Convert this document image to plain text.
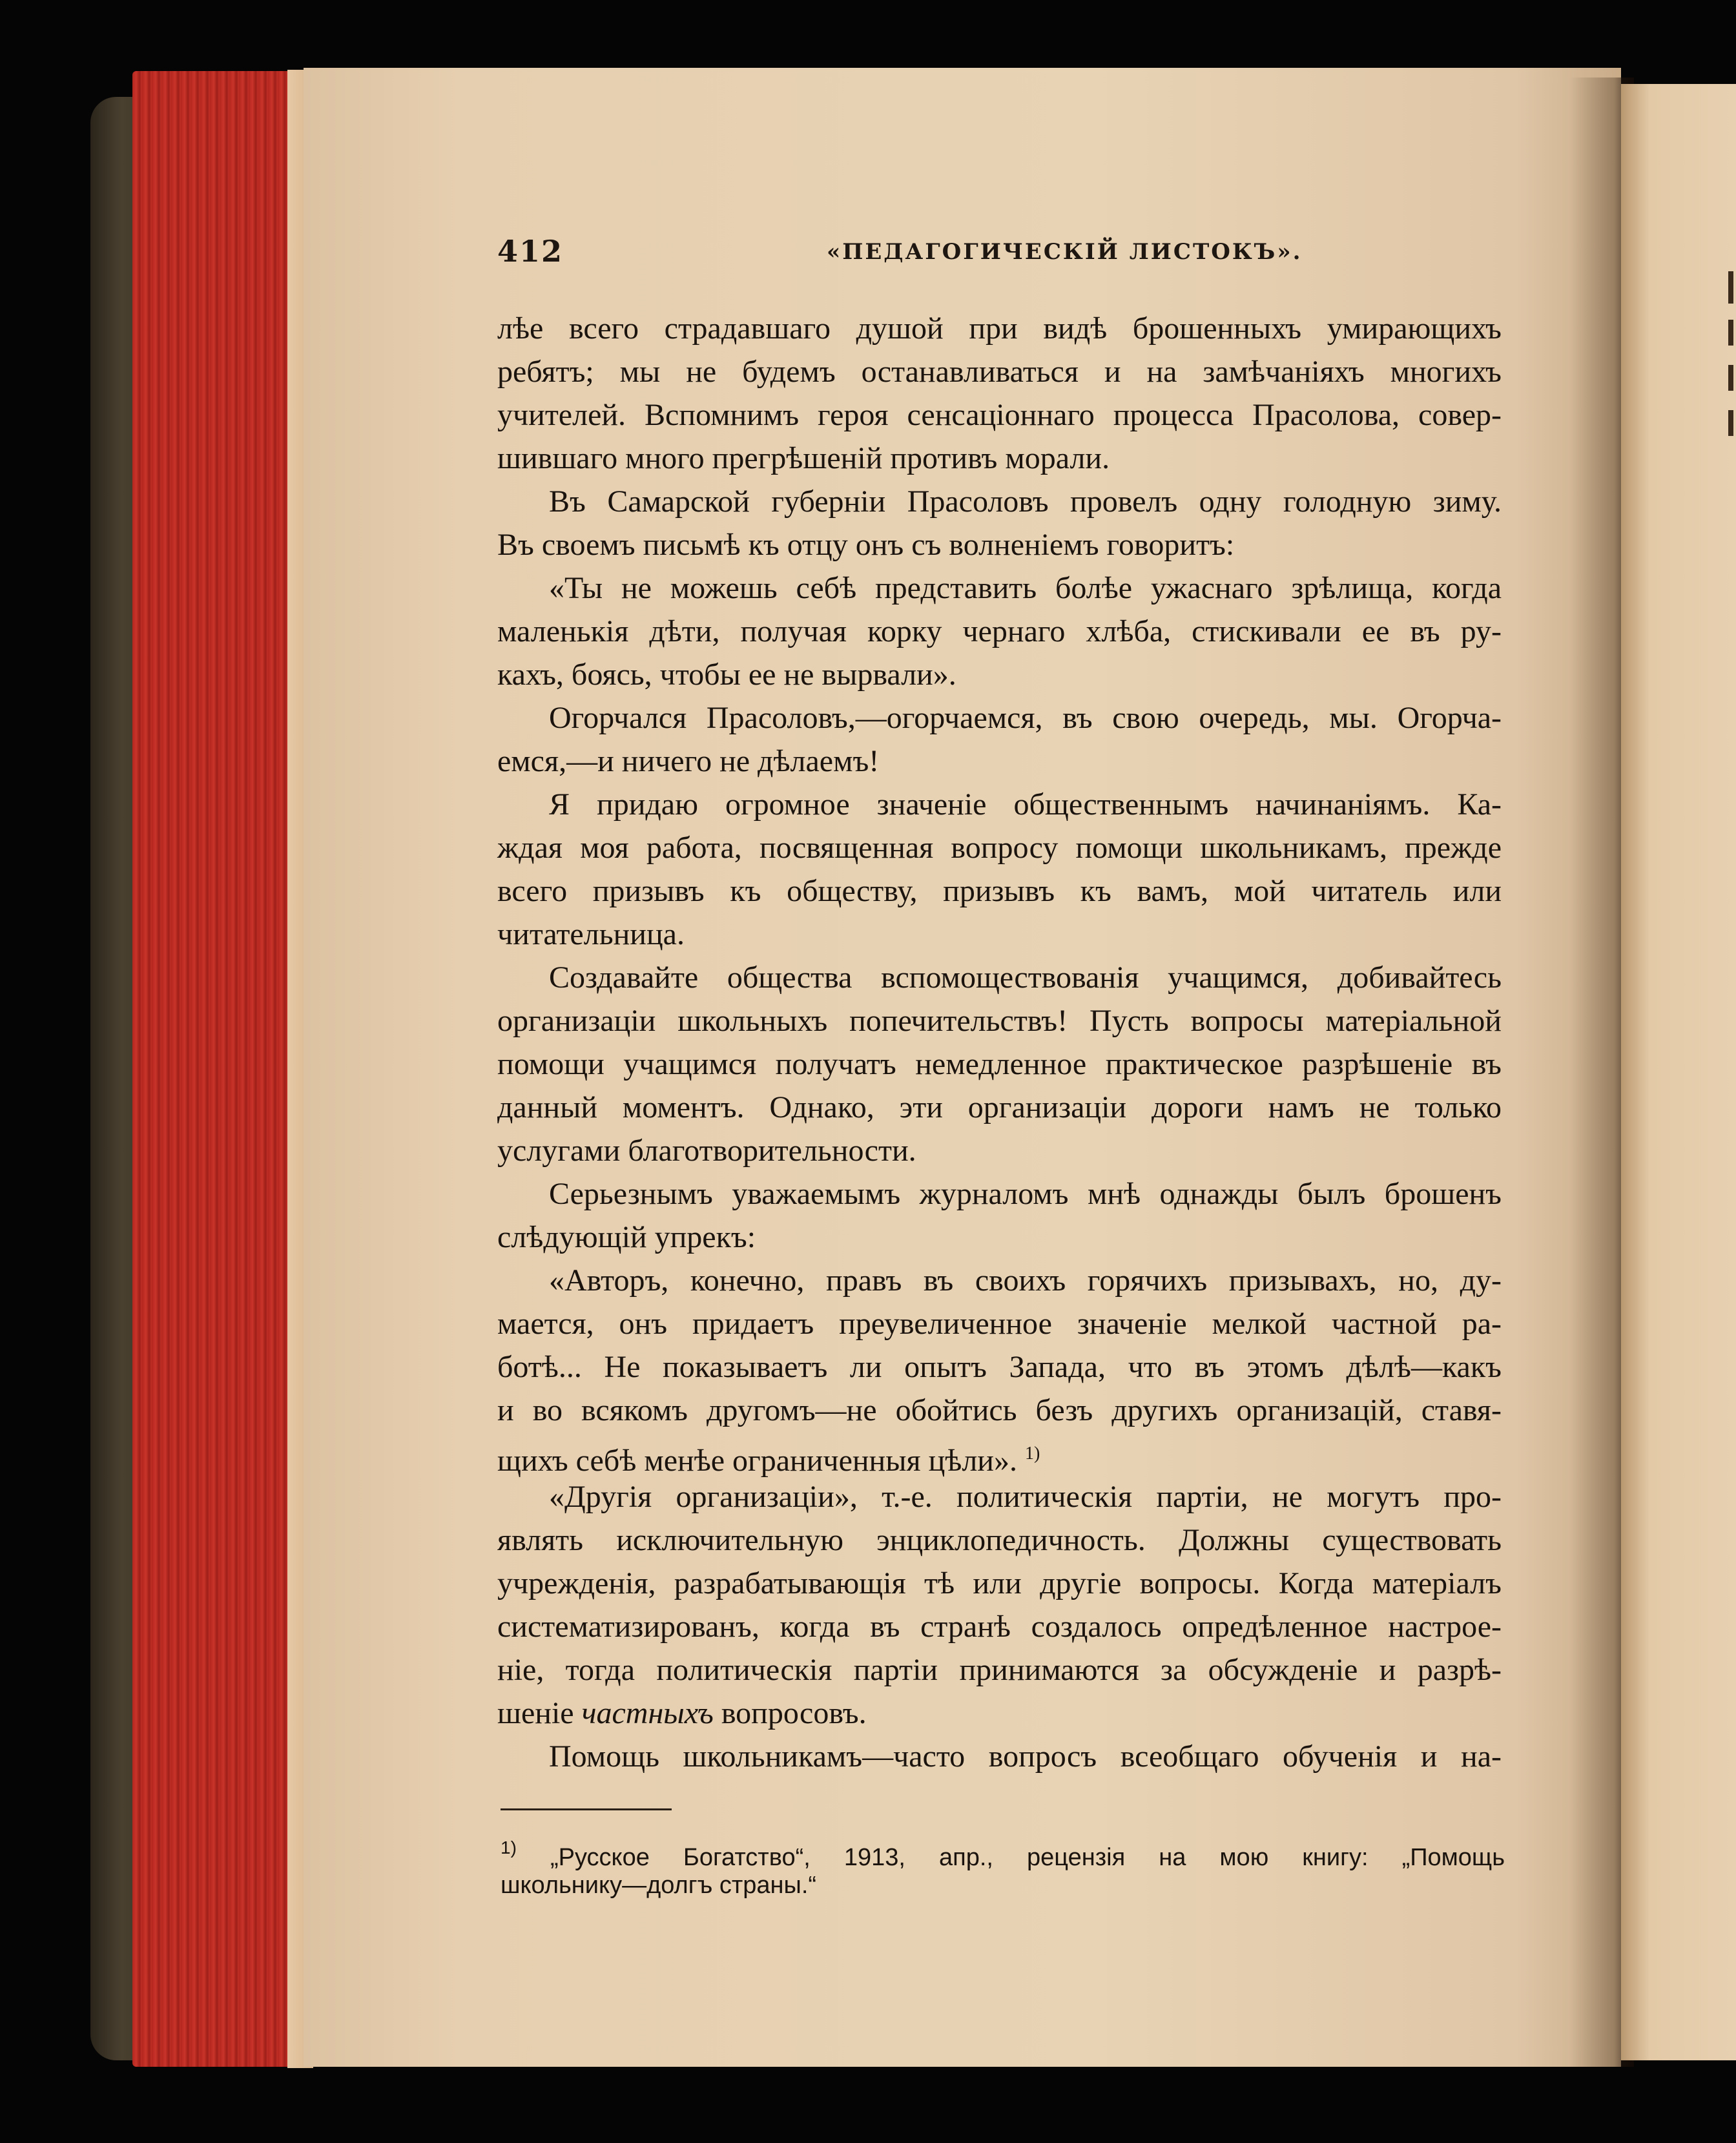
412	«ПЕДАГОГИЧЕСКІЙ ЛИСТОКЪ».
лѣе всего страдавшаго душой при видѣ брошенныхъ умирающихъ
ребятъ; мы не будемъ останавливаться и на замѣчаніяхъ многихъ
учителей. Вспомнимъ героя сенсаціоннаго процесса Прасолова, совер-
шившаго много прегрѣшеній противъ морали.
Въ Самарской губерніи Прасоловъ провелъ одну голодную зиму.
Въ своемъ письмѣ къ отцу онъ съ волненіемъ говоритъ:
«Ты не можешь себѣ представить болѣе ужаснаго зрѣлища, когда
маленькія дѣти, получая корку чернаго хлѣба, стискивали ее въ ру-
кахъ, боясь, чтобы ее не вырвали».
Огорчался Прасоловъ,—огорчаемся, въ свою очередь, мы. Огорча-
емся,—и ничего не дѣлаемъ!
Я придаю огромное значеніе общественнымъ начинаніямъ. Ка-
ждая моя работа, посвященная вопросу помощи школьникамъ, прежде
всего призывъ къ обществу, призывъ къ вамъ, мой читатель или
читательница.
Создавайте общества вспомоществованія учащимся, добивайтесь
организаціи школьныхъ попечительствъ! Пусть вопросы матеріальной
помощи учащимся получатъ немедленное практическое разрѣшеніе въ
данный моментъ. Однако, эти организаціи дороги намъ не только
услугами благотворительности.
Серьезнымъ уважаемымъ журналомъ мнѣ однажды былъ брошенъ
слѣдующій упрекъ:
«Авторъ, конечно, правъ въ своихъ горячихъ призывахъ, но, ду-
мается, онъ придаетъ преувеличенное значеніе мелкой частной ра-
ботѣ... Не показываетъ ли опытъ Запада, что въ этомъ дѣлѣ—какъ
и во всякомъ другомъ—не обойтись безъ другихъ организацій, ставя-
щихъ себѣ менѣе ограниченныя цѣли». $^{1)}$
«Другія организаціи», т.-е. политическія партіи, не могутъ про-
являть исключительную энциклопедичность. Должны существовать
учрежденія, разрабатывающія тѣ или другіе вопросы. Когда матеріалъ
систематизированъ, когда въ странѣ создалось опредѣленное настрое-
ніе, тогда политическія партіи принимаются за обсужденіе и разрѣ-
шеніе частныхъ вопросовъ.
Помощь школьникамъ—часто вопросъ всеобщаго обученія и на-
$^{1)}$ „Русское Богатство“, 1913, апр., рецензія на мою книгу: „Помощь
школьнику—долгъ страны.“
